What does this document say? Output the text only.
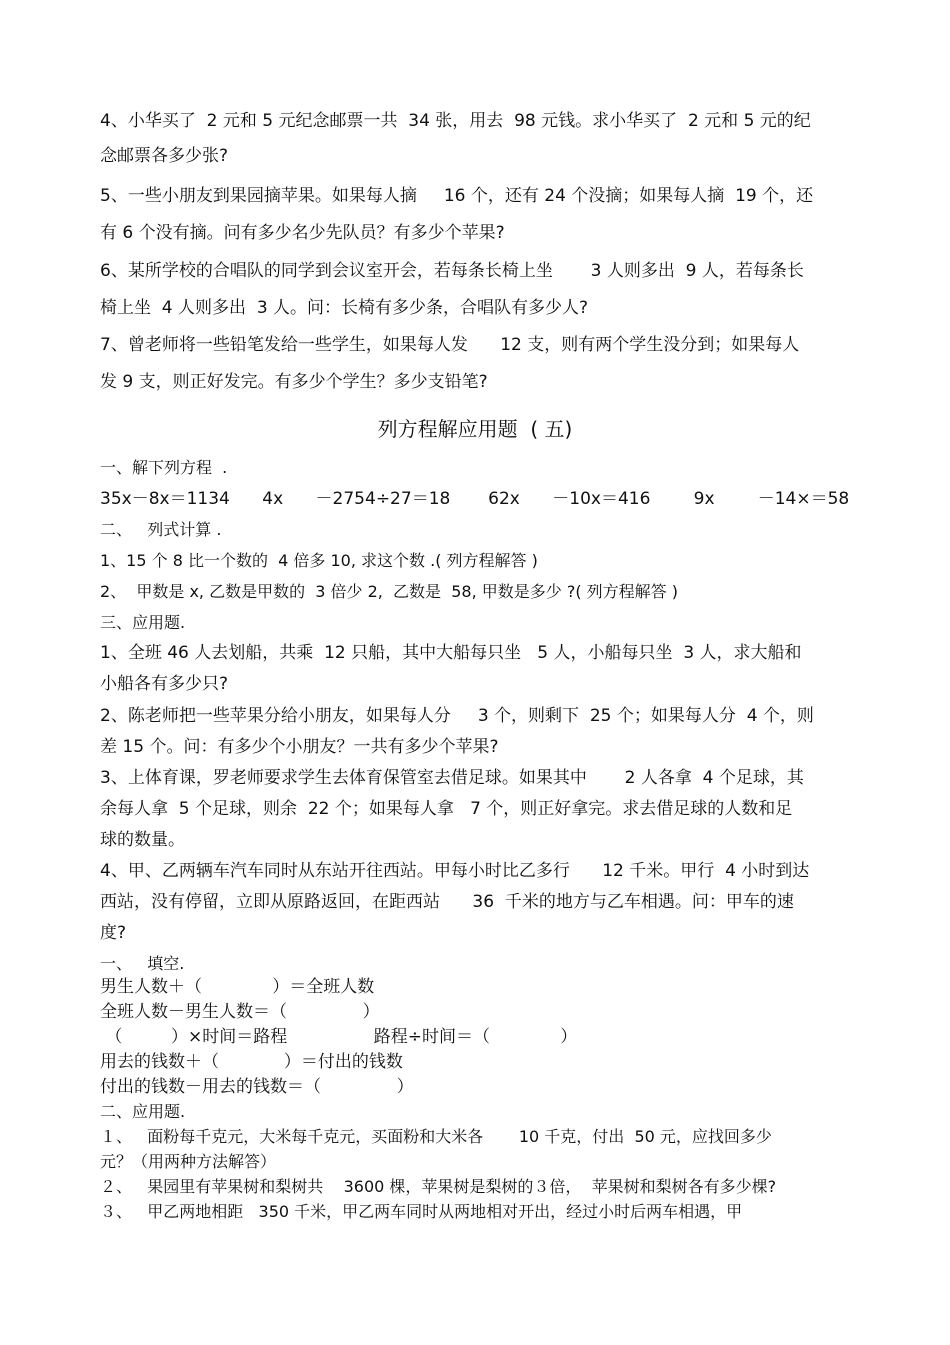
4、小华买了  2 元和 5 元纪念邮票一共  34 张，用去  98 元钱。求小华买了  2 元和 5 元的纪
念邮票各多少张?
5、一些小朋友到果园摘苹果。如果每人摘     16 个，还有 24 个没摘；如果每人摘  19 个，还
有 6 个没有摘。问有多少名少先队员？有多少个苹果?
6、某所学校的合唱队的同学到会议室开会，若每条长椅上坐       3 人则多出  9 人，若每条长
椅上坐  4 人则多出  3 人。问：长椅有多少条，合唱队有多少人?
7、曾老师将一些铅笔发给一些学生，如果每人发      12 支，则有两个学生没分到；如果每人
发 9 支，则正好发完。有多少个学生？多少支铅笔?
列方程解应用题  ( 五)
一、解下列方程  .
35x－8x＝1134      4x      －2754÷27＝18       62x      －10x＝416        9x        －14×＝58
二、   列式计算 .
1、15 个 8 比一个数的  4 倍多 10, 求这个数 .( 列方程解答 )
2、  甲数是 x, 乙数是甲数的  3 倍少 2,  乙数是  58, 甲数是多少 ?( 列方程解答 )
三、应用题.
1、全班 46 人去划船，共乘  12 只船，其中大船每只坐   5 人，小船每只坐  3 人，求大船和
小船各有多少只?
2、陈老师把一些苹果分给小朋友，如果每人分     3 个，则剩下  25 个；如果每人分  4 个，则
差 15 个。问：有多少个小朋友？一共有多少个苹果?
3、上体育课，罗老师要求学生去体育保管室去借足球。如果其中       2 人各拿  4 个足球，其
余每人拿  5 个足球，则余  22 个；如果每人拿   7 个，则正好拿完。求去借足球的人数和足
球的数量。
4、甲、乙两辆车汽车同时从东站开往西站。甲每小时比乙多行      12 千米。甲行  4 小时到达
西站，没有停留，立即从原路返回，在距西站      36  千米的地方与乙车相遇。问：甲车的速
度?
一、   填空.
男生人数＋（             ）＝全班人数
全班人数－男生人数＝（              ）
（         ）×时间＝路程                路程÷时间＝（             ）
用去的钱数＋（            ）＝付出的钱数
付出的钱数－用去的钱数＝（              ）
二、应用题.
１、   面粉每千克元，大米每千克元，买面粉和大米各       10 千克，付出  50 元，应找回多少
元？（用两种方法解答）
２、   果园里有苹果树和梨树共    3600 棵，苹果树是梨树的３倍，  苹果树和梨树各有多少棵?
３、   甲乙两地相距   350 千米，甲乙两车同时从两地相对开出，经过小时后两车相遇，甲
